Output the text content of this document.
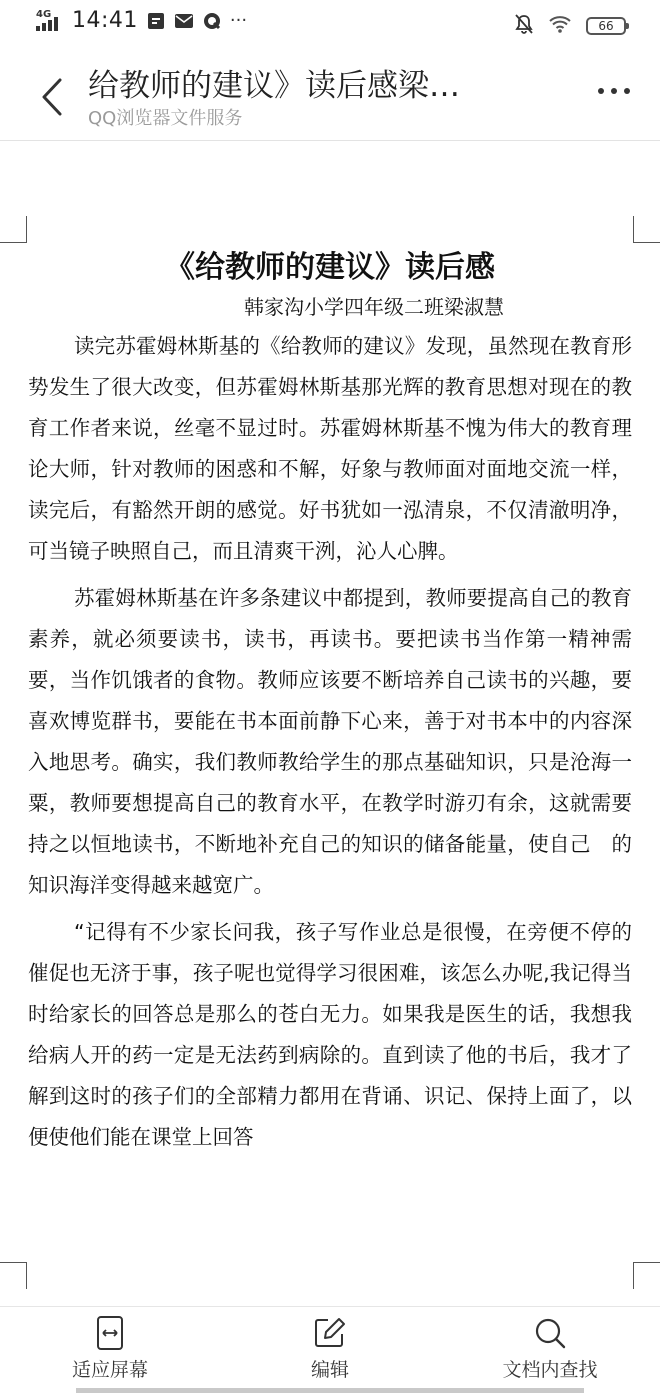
4G 14:41	···	66
给教师的建议》读后感梁…
QQ浏览器文件服务
《给教师的建议》读后感

韩家沟小学四年级二班梁淑慧

读完苏霍姆林斯基的《给教师的建议》发现，虽然现在教育形势发生了很大改变，但苏霍姆林斯基那光辉的教育思想对现在的教育工作者来说，丝毫不显过时。苏霍姆林斯基不愧为伟大的教育理论大师，针对教师的困惑和不解，好象与教师面对面地交流一样，读完后，有豁然开朗的感觉。好书犹如一泓清泉，不仅清澈明净，可当镜子映照自己，而且清爽干洌，沁人心脾。

苏霍姆林斯基在许多条建议中都提到，教师要提高自己的教育素养，就必须要读书，读书，再读书。要把读书当作第一精神需要，当作饥饿者的食物。教师应该要不断培养自己读书的兴趣，要喜欢博览群书，要能在书本面前静下心来，善于对书本中的内容深入地思考。确实，我们教师教给学生的那点基础知识，只是沧海一粟，教师要想提高自己的教育水平，在教学时游刃有余，这就需要持之以恒地读书，不断地补充自己的知识的储备能量，使自己　的知识海洋变得越来越宽广。

“记得有不少家长问我，孩子写作业总是很慢，在旁便不停的催促也无济于事，孩子呢也觉得学习很困难，该怎么办呢,我记得当时给家长的回答总是那么的苍白无力。如果我是医生的话，我想我给病人开的药一定是无法药到病除的。直到读了他的书后，我才了解到这时的孩子们的全部精力都用在背诵、识记、保持上面了，以便使他们能在课堂上回答

适应屏幕	编辑	文档内查找
